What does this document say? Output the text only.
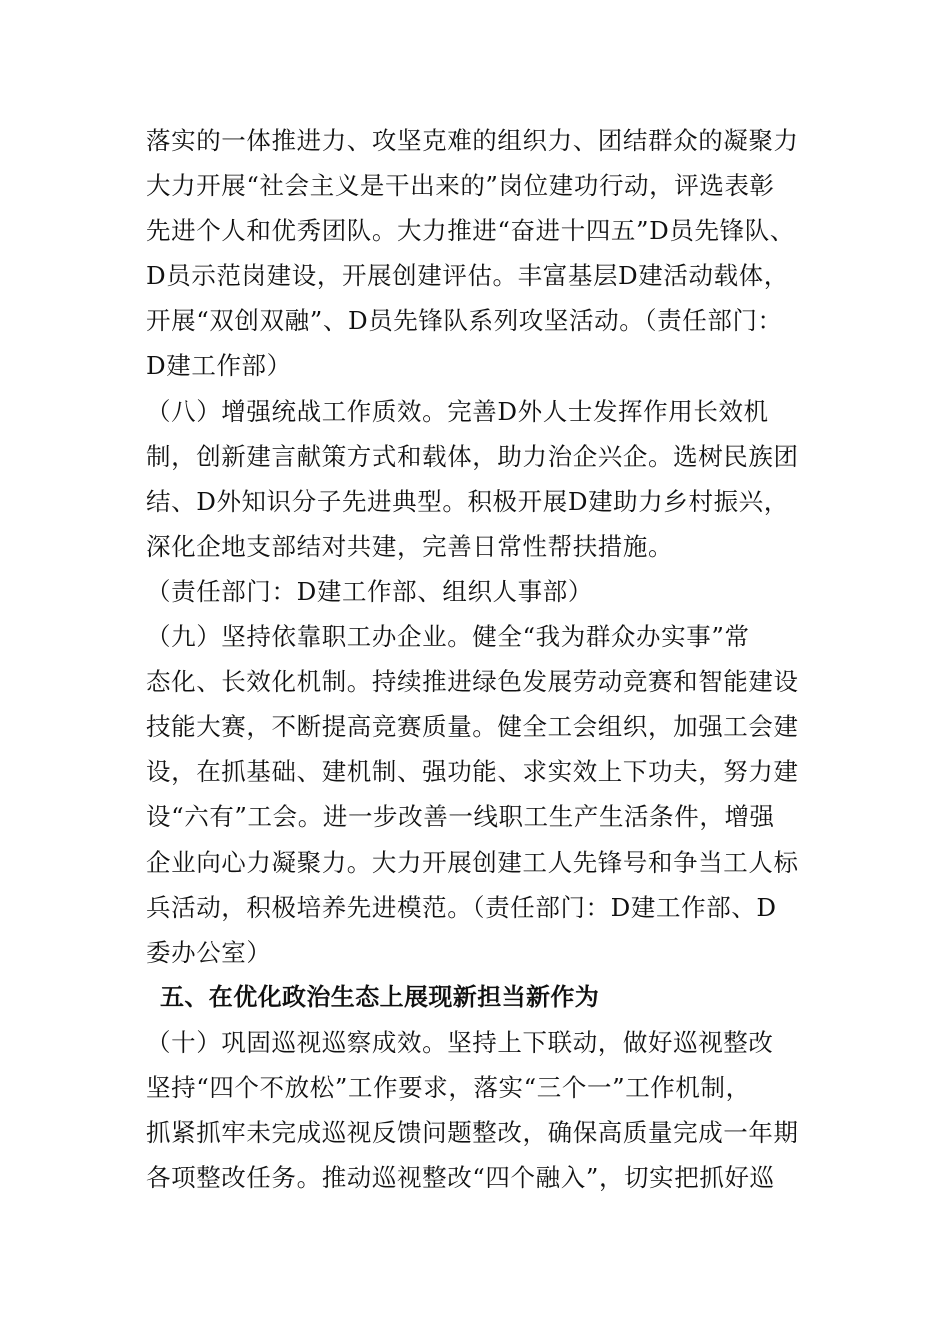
落实的一体推进力、攻坚克难的组织力、团结群众的凝聚力
大力开展“社会主义是干出来的”岗位建功行动，评选表彰
先进个人和优秀团队。大力推进“奋进十四五”D员先锋队、
D员示范岗建设，开展创建评估。丰富基层D建活动载体，
开展“双创双融”、D员先锋队系列攻坚活动。（责任部门：
D建工作部）
（八）增强统战工作质效。完善D外人士发挥作用长效机
制，创新建言献策方式和载体，助力治企兴企。选树民族团
结、D外知识分子先进典型。积极开展D建助力乡村振兴，
深化企地支部结对共建，完善日常性帮扶措施。
（责任部门：D建工作部、组织人事部）
（九）坚持依靠职工办企业。健全“我为群众办实事”常
态化、长效化机制。持续推进绿色发展劳动竞赛和智能建设
技能大赛，不断提高竞赛质量。健全工会组织，加强工会建
设，在抓基础、建机制、强功能、求实效上下功夫，努力建
设“六有”工会。进一步改善一线职工生产生活条件，增强
企业向心力凝聚力。大力开展创建工人先锋号和争当工人标
兵活动，积极培养先进模范。（责任部门：D建工作部、D
委办公室）
五、在优化政治生态上展现新担当新作为
（十）巩固巡视巡察成效。坚持上下联动，做好巡视整改
坚持“四个不放松”工作要求，落实“三个一”工作机制，
抓紧抓牢未完成巡视反馈问题整改，确保高质量完成一年期
各项整改任务。推动巡视整改“四个融入”，切实把抓好巡
